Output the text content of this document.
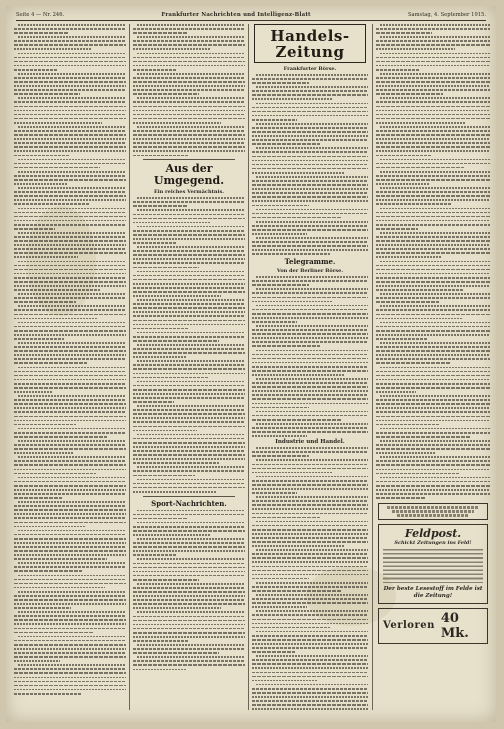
Seite 4 — Nr. 246.	Frankfurter Nachrichten und Intelligenz-Blatt	Samstag, 4. September 1915.
Aus der Umgegend.
Ein reiches Vermächtnis.
Sport-Nachrichten.
Handels-Zeitung
Frankfurter Börse.
Telegramme.
Von der Berliner Börse.
Industrie und Handel.
Feldpost.
Schickt Zeitungen ins Feld!
Der beste Lesestoff im Felde ist die Zeitung!
Verloren 40 Mk.
